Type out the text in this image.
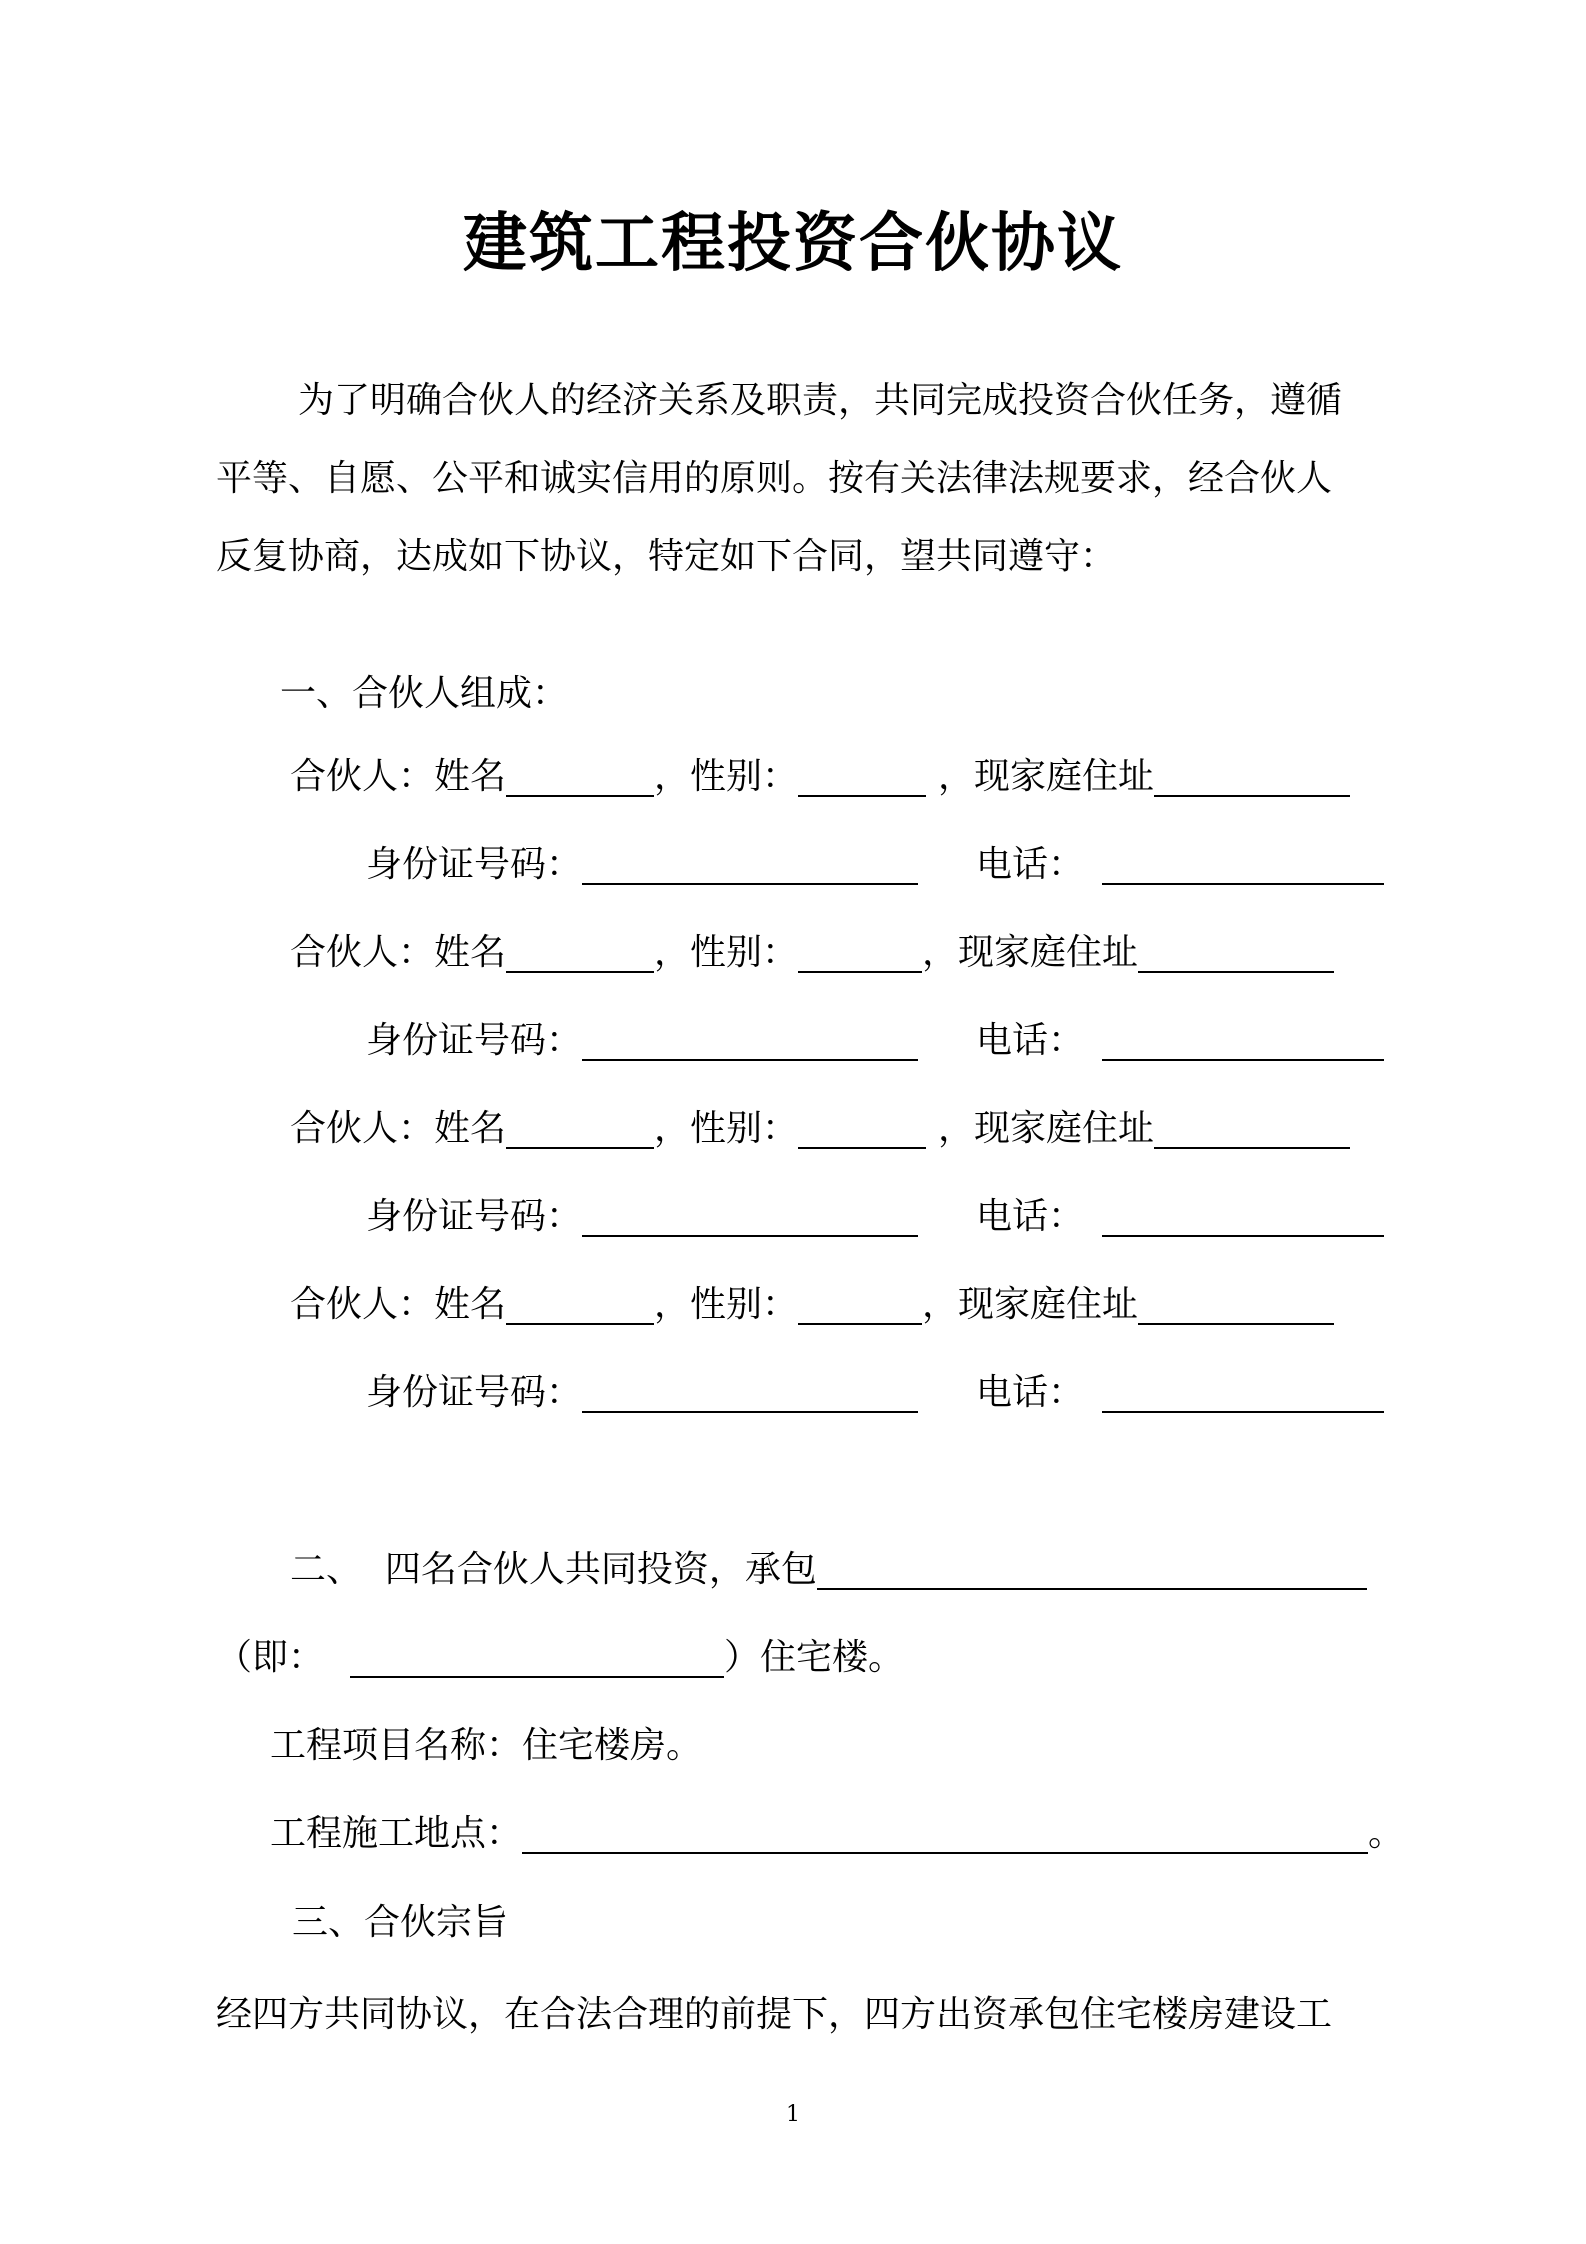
建筑工程投资合伙协议
为了明确合伙人的经济关系及职责，共同完成投资合伙任务，遵循
平等、自愿、公平和诚实信用的原则。按有关法律法规要求，经合伙人
反复协商，达成如下协议，特定如下合同，望共同遵守：
一、合伙人组成：
合伙人：姓名	，性别：	，现家庭住址
身份证号码：	电话：
合伙人：姓名	，性别：	，现家庭住址
身份证号码：	电话：
合伙人：姓名	，性别：	，现家庭住址
身份证号码：	电话：
合伙人：姓名	，性别：	，现家庭住址
身份证号码：	电话：
二、  四名合伙人共同投资，承包
（即：	）住宅楼。
工程项目名称：住宅楼房。
工程施工地点：	。
三、合伙宗旨
经四方共同协议，在合法合理的前提下，四方出资承包住宅楼房建设工
1
